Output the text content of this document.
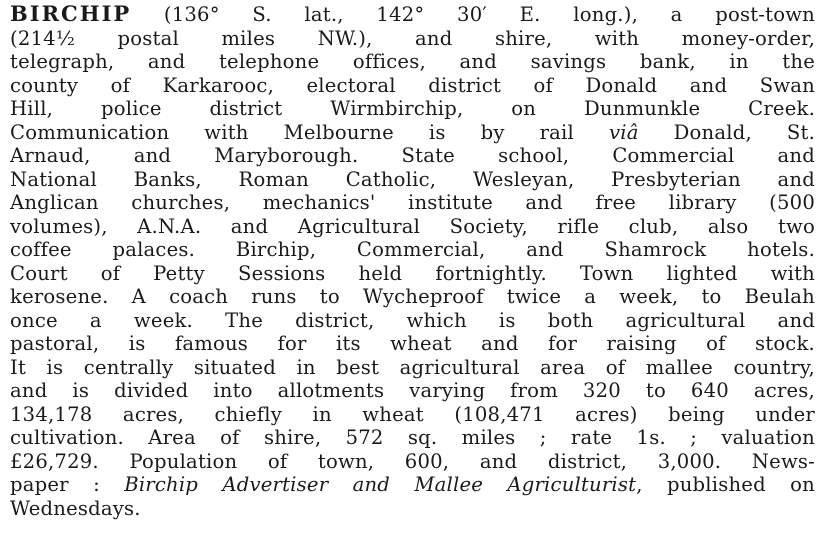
BIRCHIP (136° S. lat., 142° 30′ E. long.), a post-town
(214½ postal miles NW.), and shire, with money-order,
telegraph, and telephone offices, and savings bank, in the
county of Karkarooc, electoral district of Donald and Swan
Hill, police district Wirmbirchip, on Dunmunkle Creek.
Communication with Melbourne is by rail viâ Donald, St.
Arnaud, and Maryborough. State school, Commercial and
National Banks, Roman Catholic, Wesleyan, Presbyterian and
Anglican churches, mechanics' institute and free library (500
volumes), A.N.A. and Agricultural Society, rifle club, also two
coffee palaces. Birchip, Commercial, and Shamrock hotels.
Court of Petty Sessions held fortnightly. Town lighted with
kerosene. A coach runs to Wycheproof twice a week, to Beulah
once a week. The district, which is both agricultural and
pastoral, is famous for its wheat and for raising of stock.
It is centrally situated in best agricultural area of mallee country,
and is divided into allotments varying from 320 to 640 acres,
134,178 acres, chiefly in wheat (108,471 acres) being under
cultivation. Area of shire, 572 sq. miles ; rate 1s. ; valuation
£26,729. Population of town, 600, and district, 3,000. News-
paper : Birchip Advertiser and Mallee Agriculturist, published on
Wednesdays.
